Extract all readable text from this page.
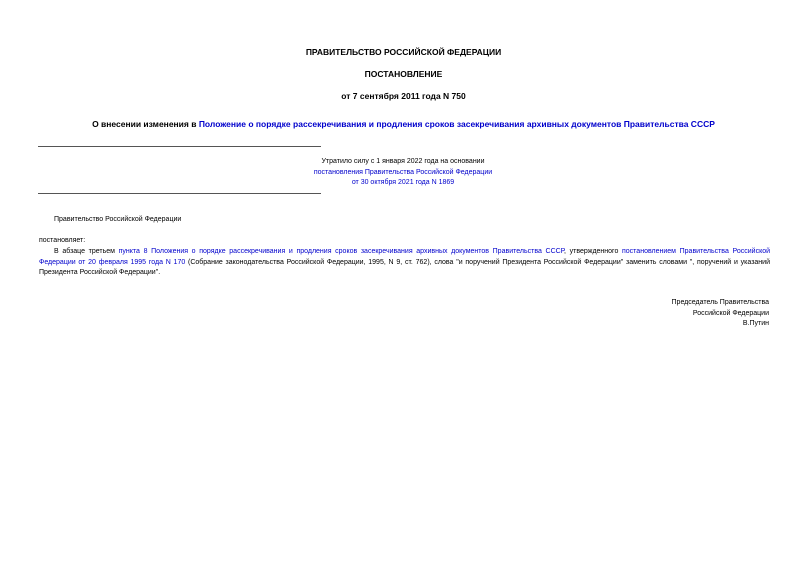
ПРАВИТЕЛЬСТВО РОССИЙСКОЙ ФЕДЕРАЦИИ
ПОСТАНОВЛЕНИЕ
от 7 сентября 2011 года N 750
О внесении изменения в Положение о порядке рассекречивания и продления сроков засекречивания архивных документов Правительства СССР
Утратило силу с 1 января 2022 года на основании
постановления Правительства Российской Федерации
от 30 октября 2021 года N 1869
Правительство Российской Федерации
постановляет:
В абзаце третьем пункта 8 Положения о порядке рассекречивания и продления сроков засекречивания архивных документов Правительства СССР, утвержденного постановлением Правительства Российской Федерации от 20 февраля 1995 года N 170 (Собрание законодательства Российской Федерации, 1995, N 9, ст. 762), слова "и поручений Президента Российской Федерации" заменить словами ", поручений и указаний Президента Российской Федерации".
Председатель Правительства
Российской Федерации
В.Путин
